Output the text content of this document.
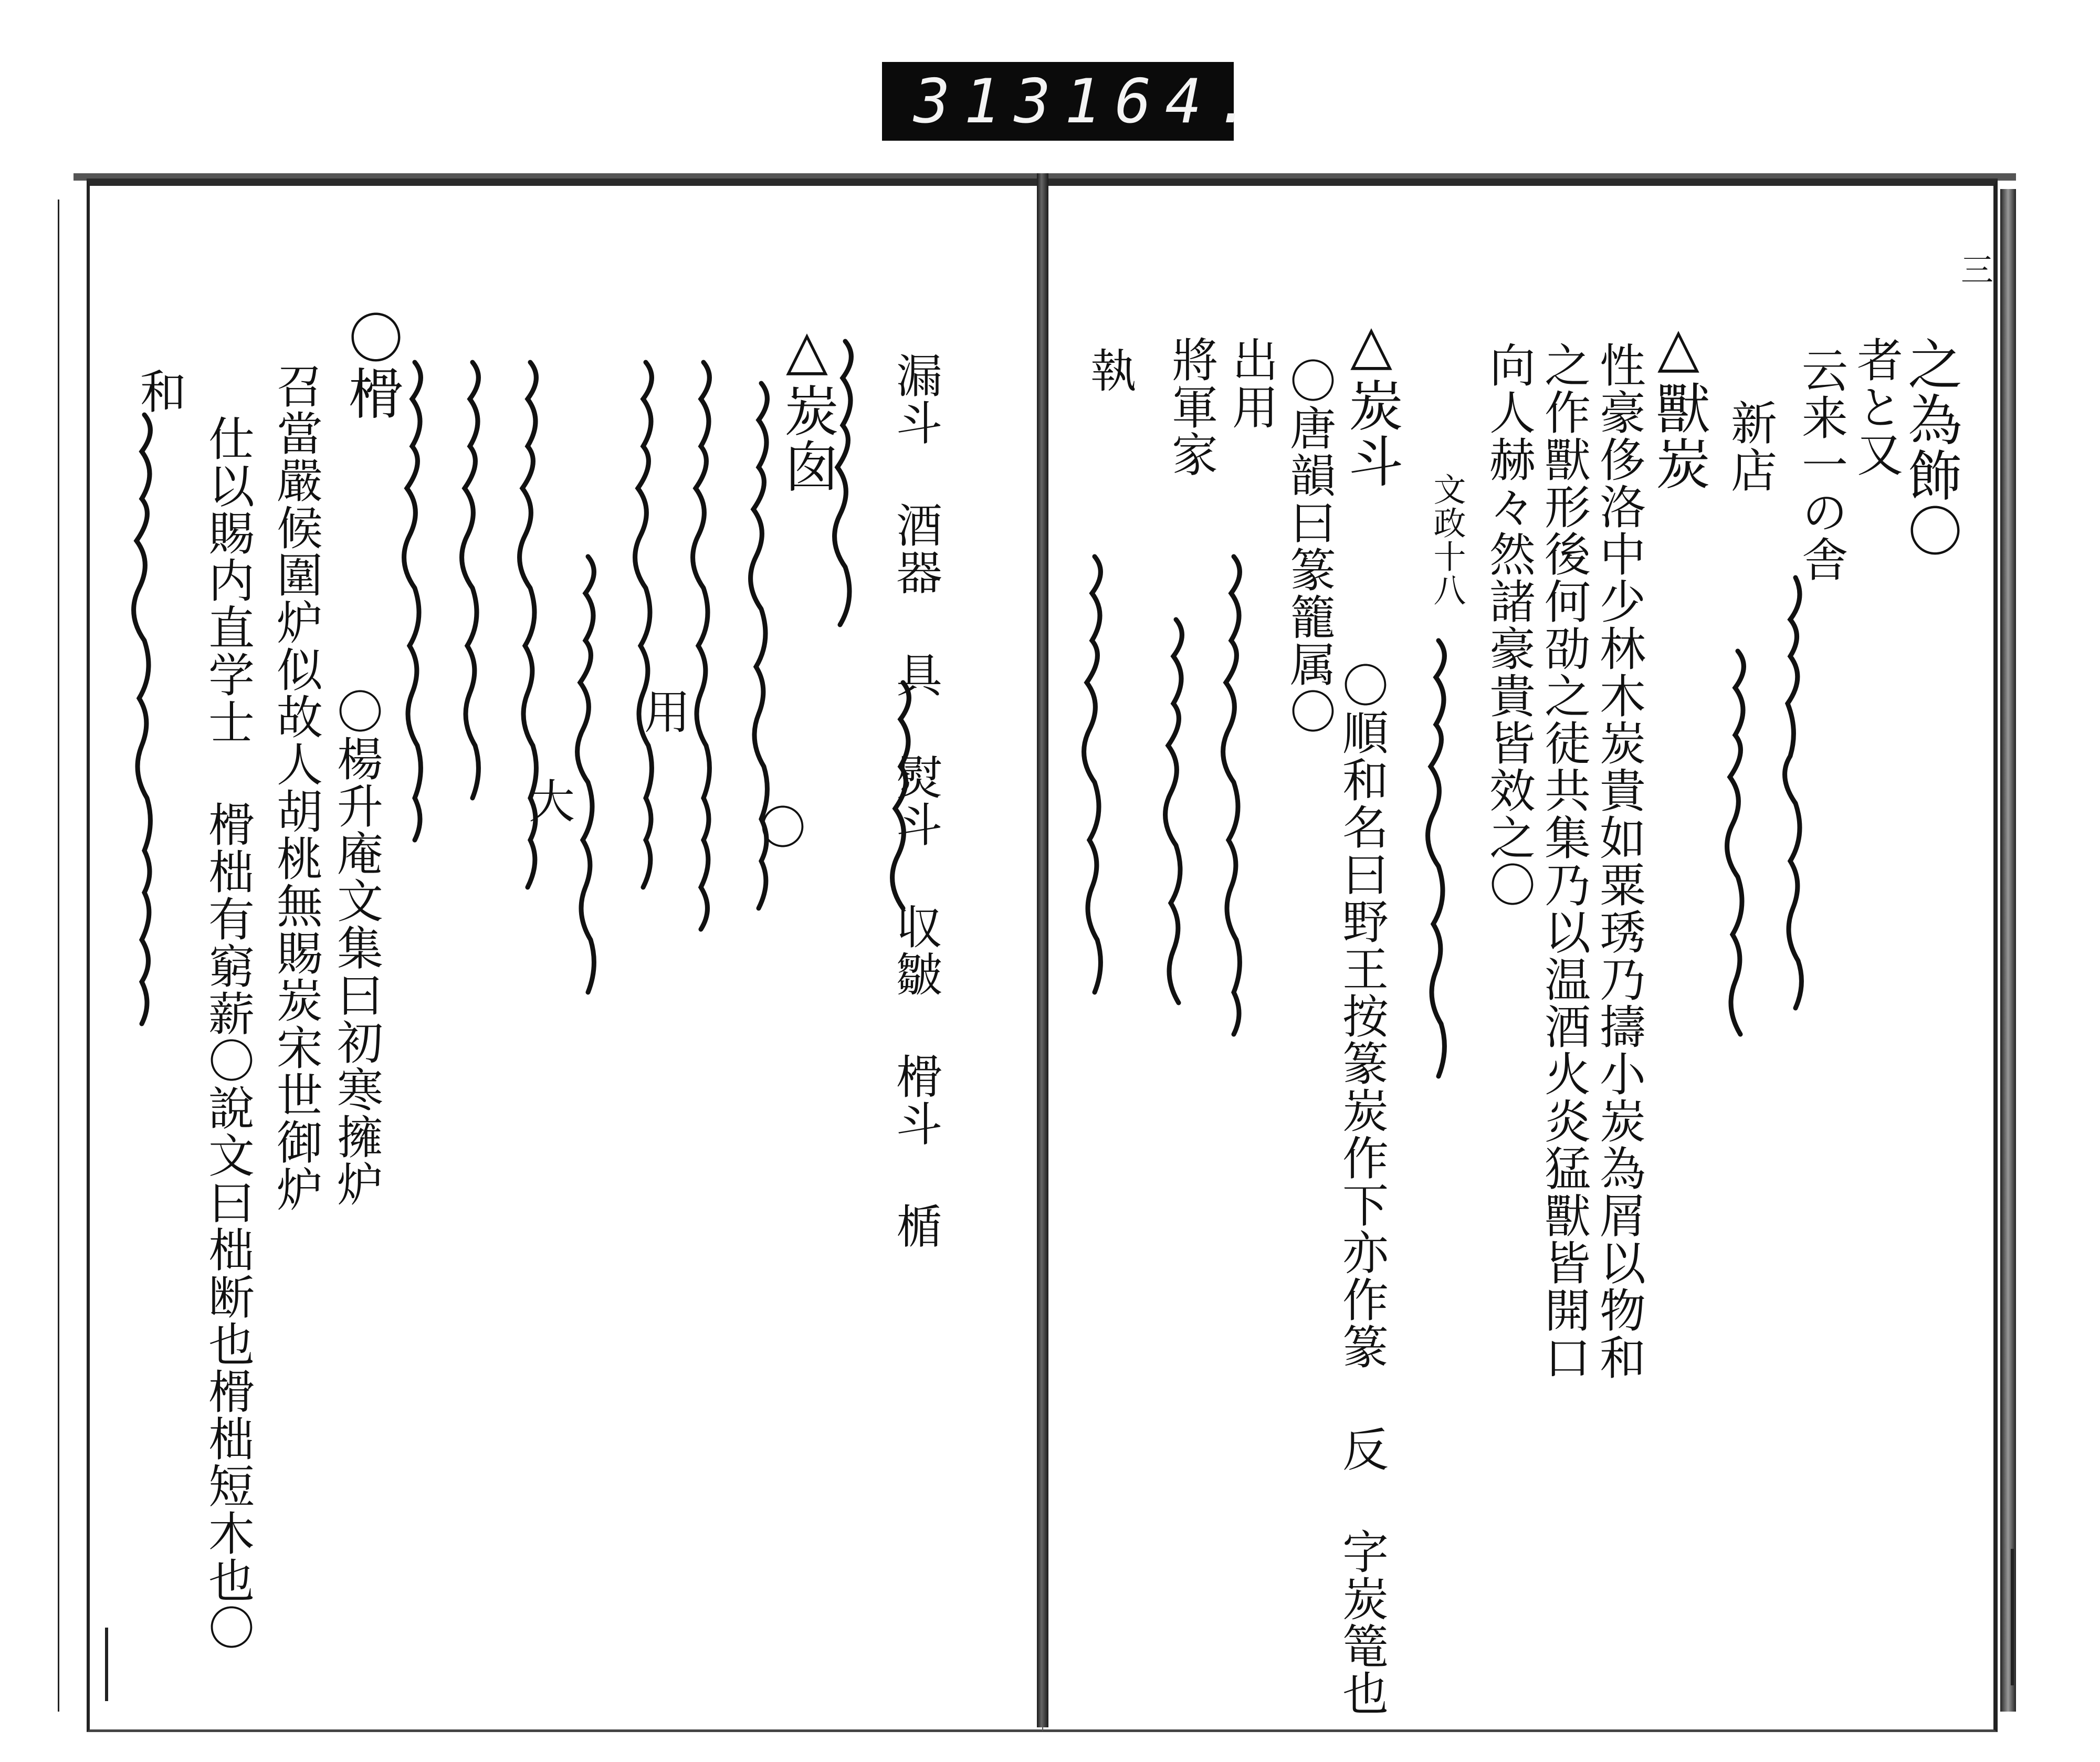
313 164.
三
之為飾〇
者と又
云来一の舎
新店
△獸炭
性豪侈洛中少林木炭貴如粟琇乃擣小炭為屑以物和
之作獸形後何劭之徒共集乃以温酒火炎猛獸皆開口
向人赫々然諸豪貴皆效之〇
文政十八
△炭斗
〇唐韻曰篆籠属〇
〇順和名曰野王按篆炭作下亦作篆 反 字炭篭也
將軍家 出用
執
漏斗 酒器 具 熨斗 収皺 榾斗 楯
△炭囱
〇
用
大
〇榾
〇楊升庵文集曰初寒擁炉
召當嚴候圍炉似故人胡桃無賜炭宋世御炉
仕以賜内直学士 榾柮有窮薪〇說文曰柮断也榾柮短木也〇
和
